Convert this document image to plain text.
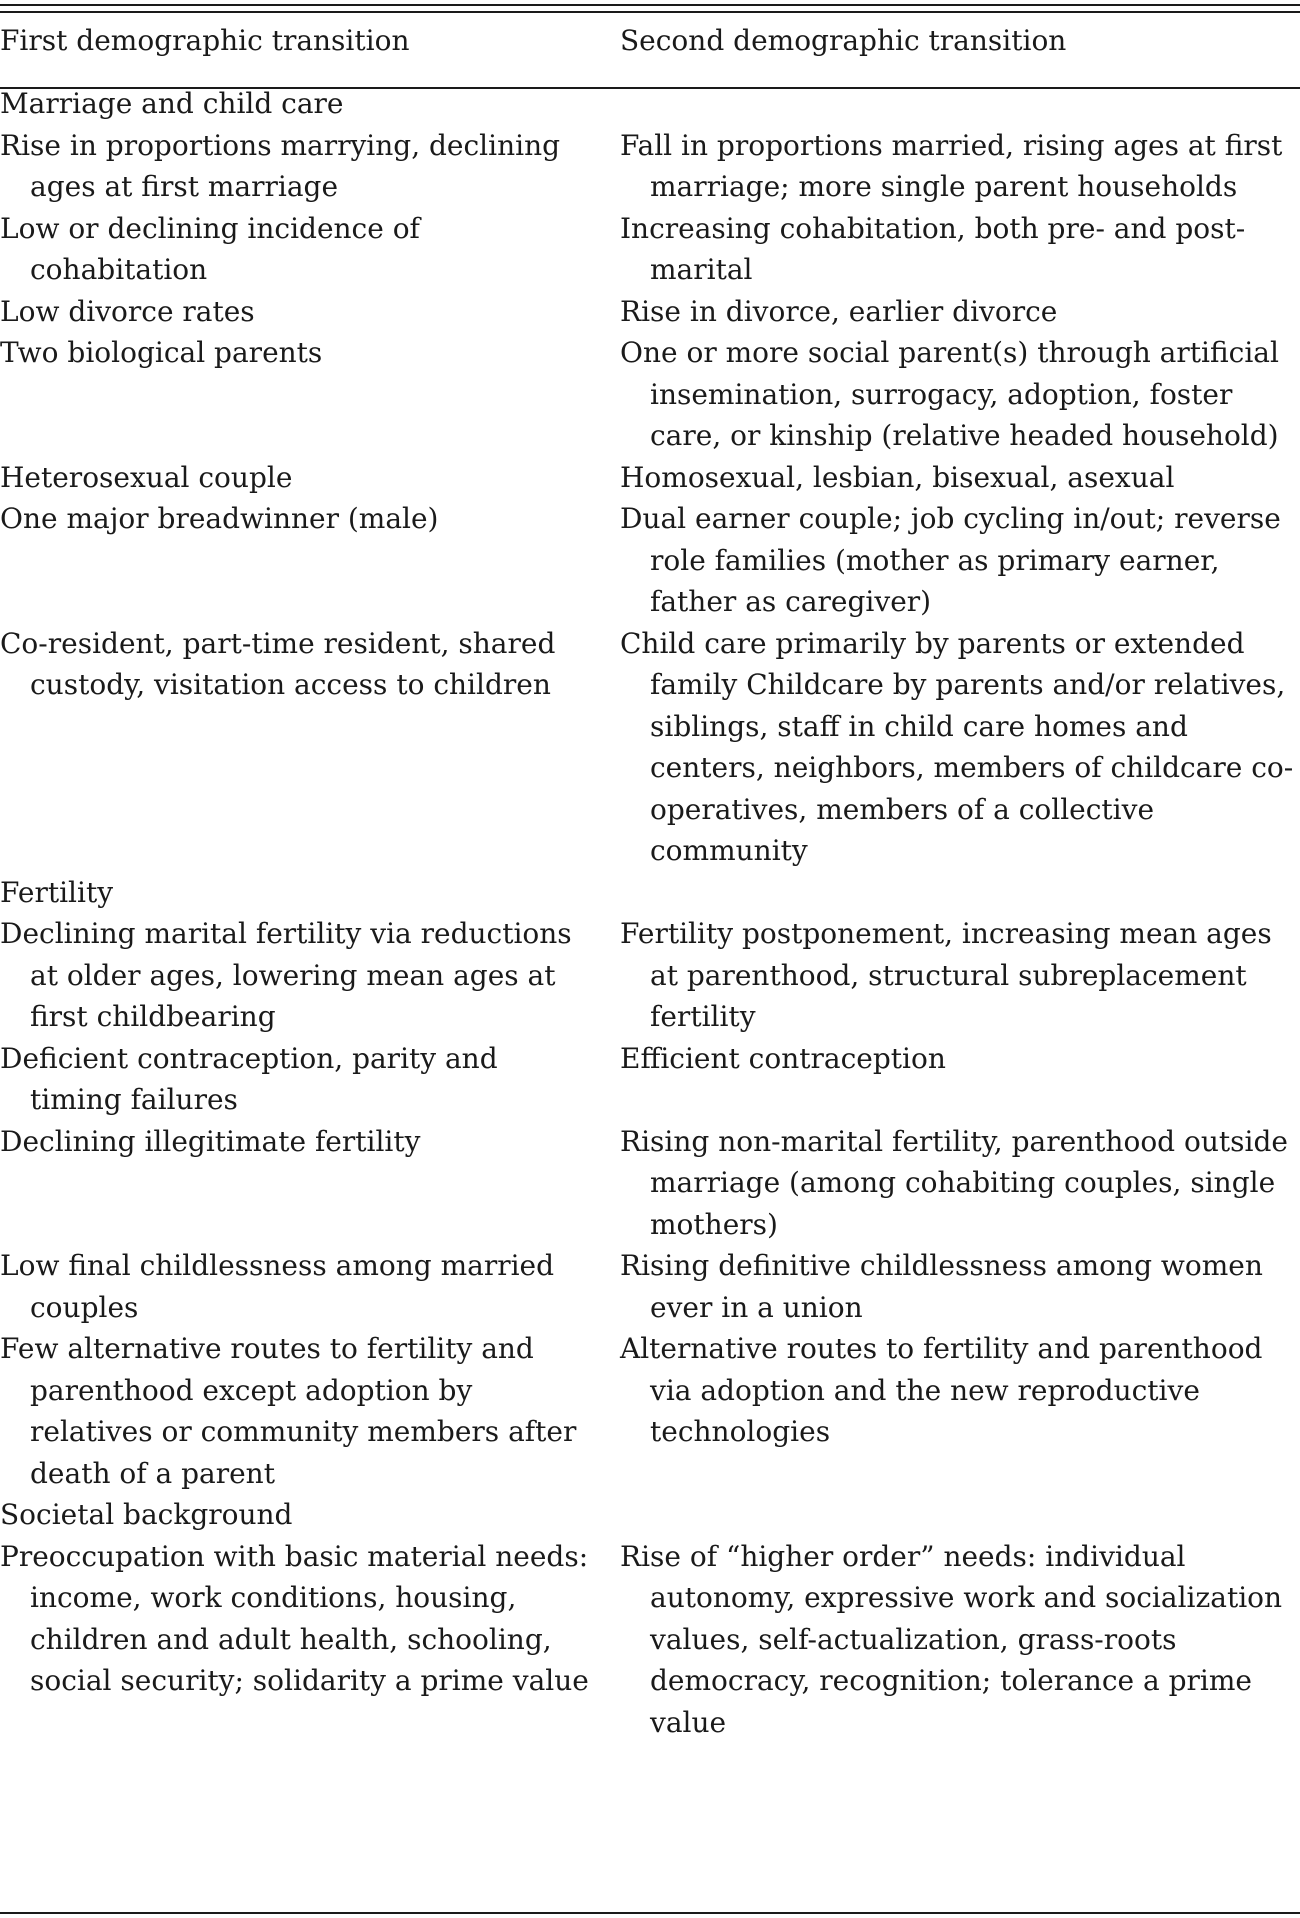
First demographic transition	Second demographic transition
Marriage and child care	

Rise in proportions marrying, declining ages at first marriage	Fall in proportions married, rising ages at first marriage; more single parent households

Low or declining incidence of cohabitation	Increasing cohabitation, both pre- and post-marital

Low divorce rates	Rise in divorce, earlier divorce

Two biological parents	One or more social parent(s) through artificial insemination, surrogacy, adoption, foster care, or kinship (relative headed household)

Heterosexual couple	Homosexual, lesbian, bisexual, asexual

One major breadwinner (male)	Dual earner couple; job cycling in/out; reverse role families (mother as primary earner, father as caregiver)

Co-resident, part-time resident, shared custody, visitation access to children	Child care primarily by parents or extended family Childcare by parents and/or relatives, siblings, staff in child care homes and centers, neighbors, members of childcare co-operatives, members of a collective community

Fertility	

Declining marital fertility via reductions at older ages, lowering mean ages at first childbearing	Fertility postponement, increasing mean ages at parenthood, structural subreplacement fertility

Deficient contraception, parity and timing failures	Efficient contraception

Declining illegitimate fertility	Rising non-marital fertility, parenthood outside marriage (among cohabiting couples, single mothers)

Low final childlessness among married couples	Rising definitive childlessness among women ever in a union

Few alternative routes to fertility and parenthood except adoption by relatives or community members after death of a parent	Alternative routes to fertility and parenthood via adoption and the new reproductive technologies

Societal background	

Preoccupation with basic material needs: income, work conditions, housing, children and adult health, schooling, social security; solidarity a prime value	Rise of “higher order” needs: individual autonomy, expressive work and socialization values, self-actualization, grass-roots democracy, recognition; tolerance a prime value
